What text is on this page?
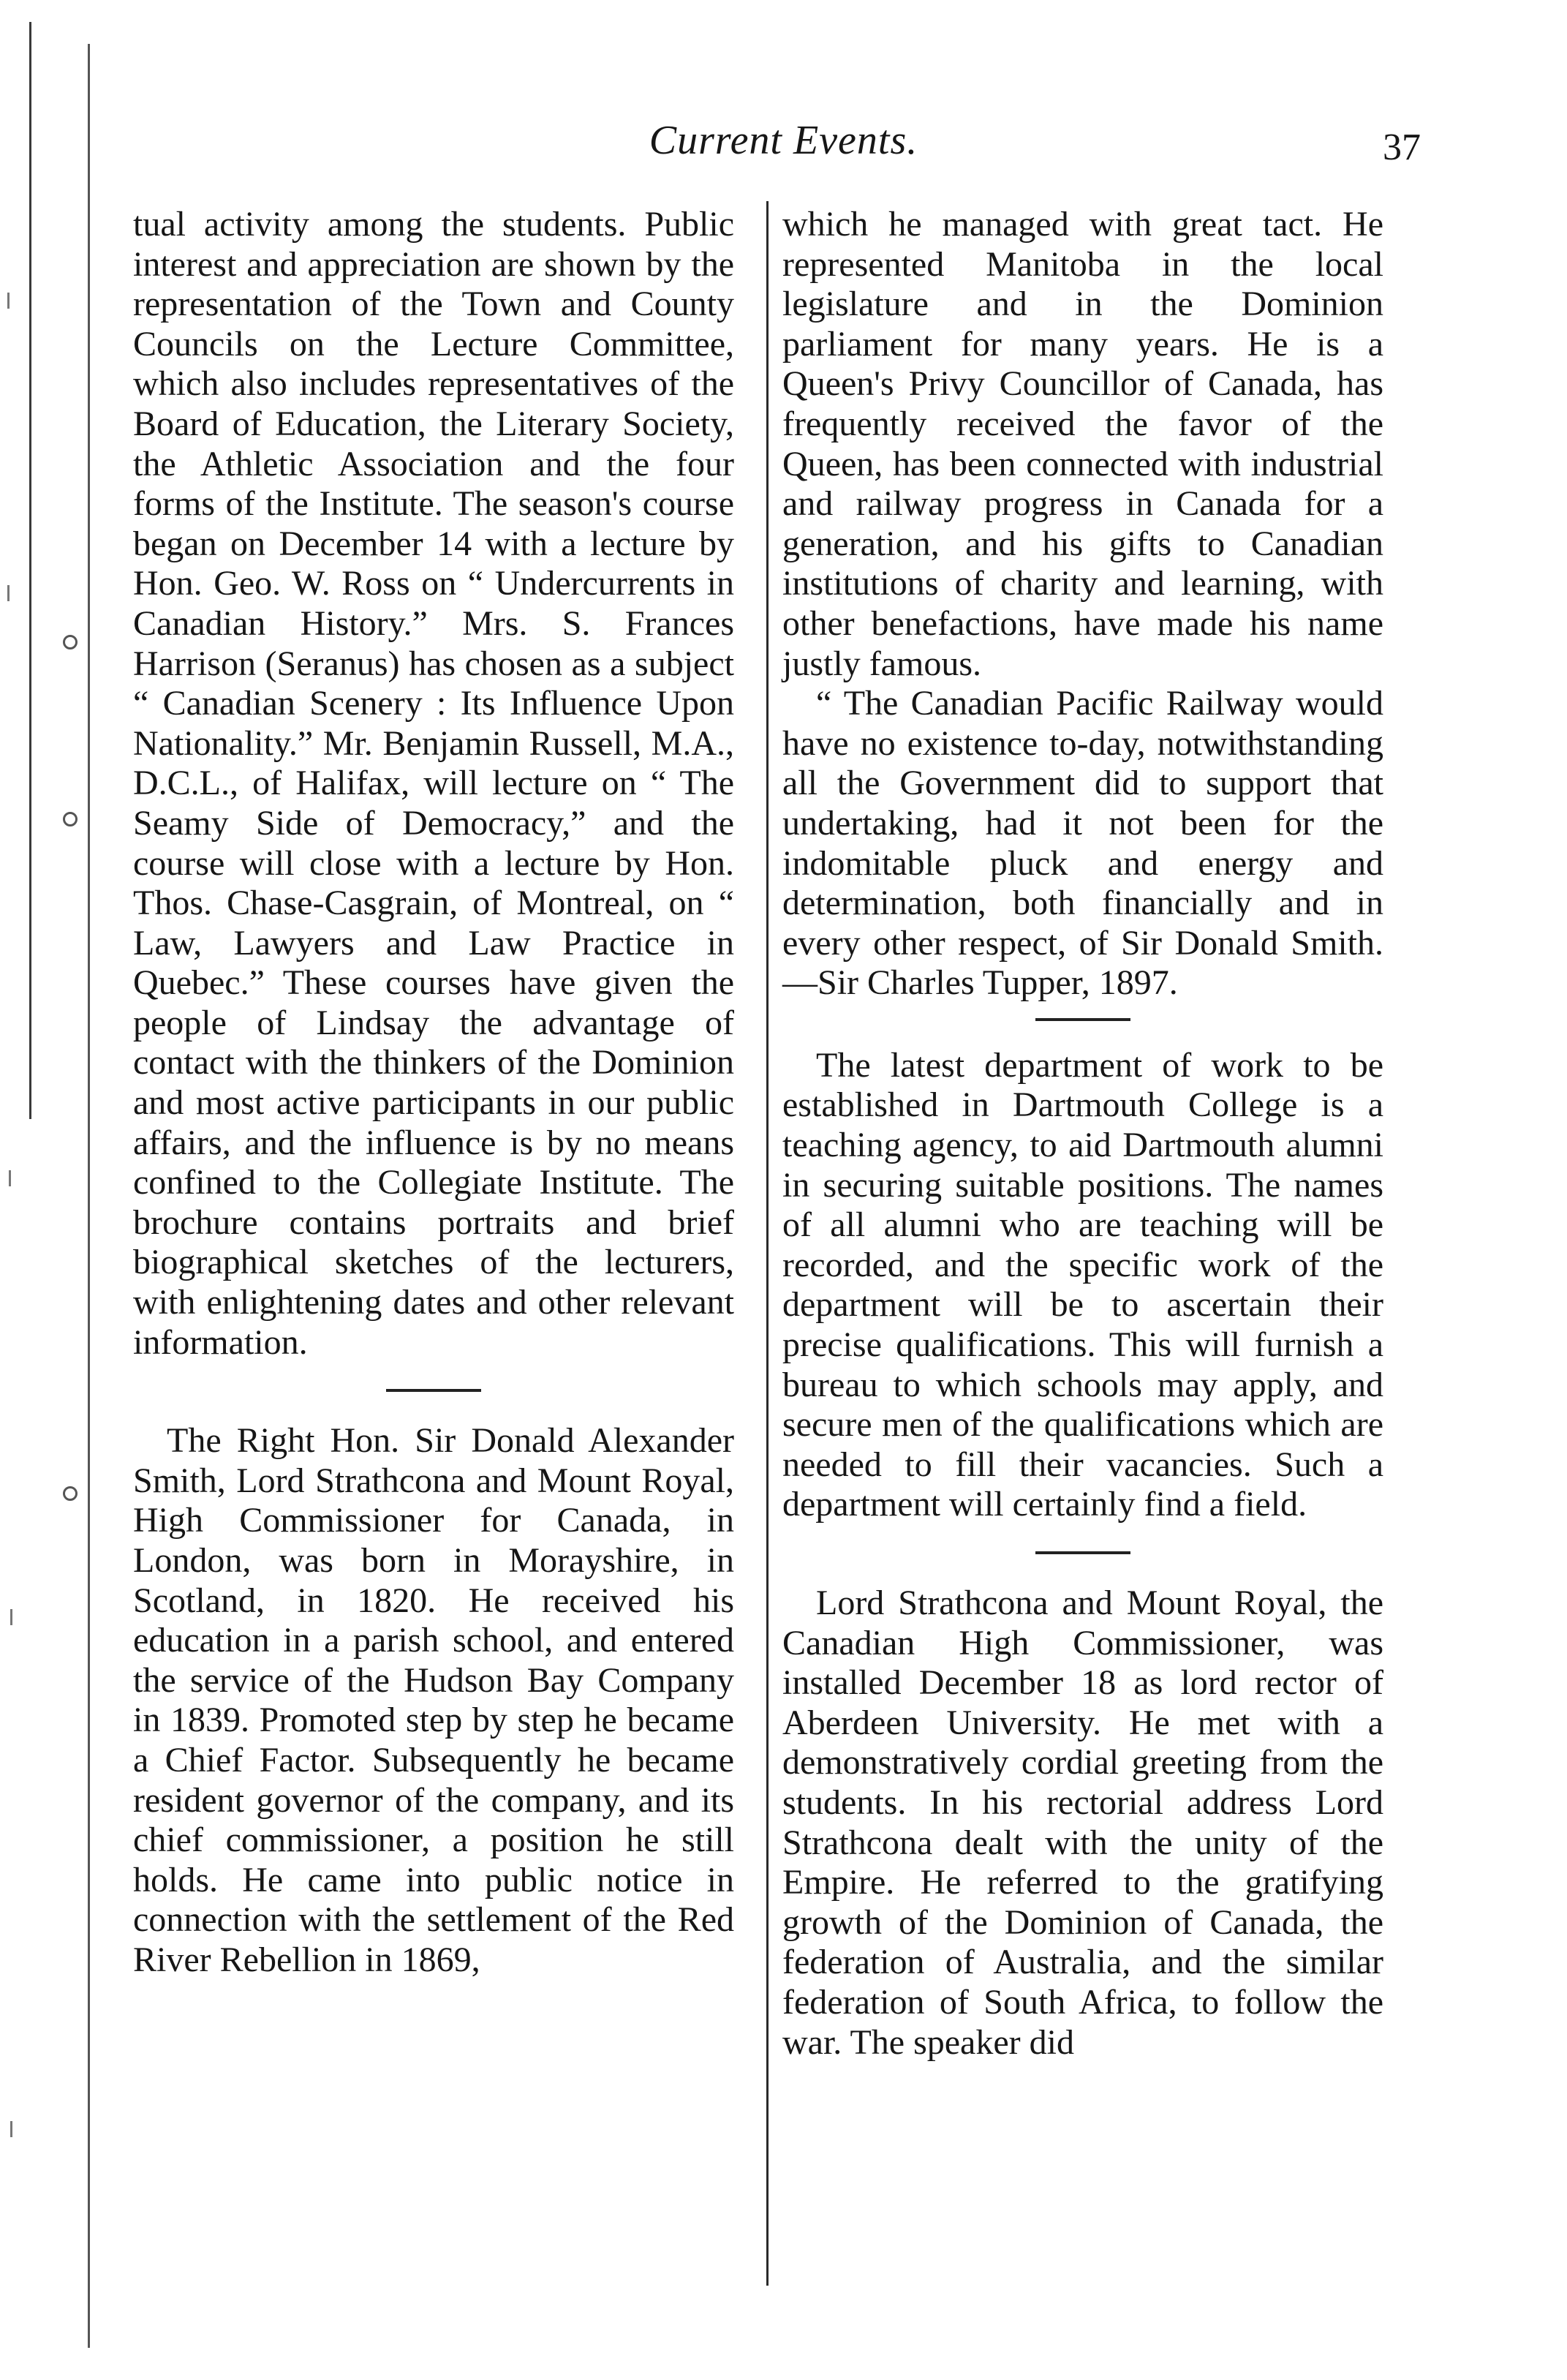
Current Events.	37

tual activity among the students. Public interest and appreciation are shown by the representation of the Town and County Councils on the Lecture Committee, which also includes representatives of the Board of Education, the Literary Society, the Athletic Association and the four forms of the Institute. The season's course began on December 14 with a lecture by Hon. Geo. W. Ross on “ Undercurrents in Canadian History.” Mrs. S. Frances Harrison (Seranus) has chosen as a subject “ Canadian Scenery : Its Influence Upon Nationality.” Mr. Benjamin Russell, M.A., D.C.L., of Halifax, will lecture on “ The Seamy Side of Democracy,” and the course will close with a lecture by Hon. Thos. Chase-Casgrain, of Montreal, on “ Law, Lawyers and Law Practice in Quebec.” These courses have given the people of Lindsay the advantage of contact with the thinkers of the Dominion and most active participants in our public affairs, and the influence is by no means confined to the Collegiate Institute. The brochure contains portraits and brief biographical sketches of the lecturers, with enlightening dates and other relevant information.

The Right Hon. Sir Donald Alexander Smith, Lord Strathcona and Mount Royal, High Commissioner for Canada, in London, was born in Morayshire, in Scotland, in 1820. He received his education in a parish school, and entered the service of the Hudson Bay Company in 1839. Promoted step by step he became a Chief Factor. Subsequently he became resident governor of the company, and its chief commissioner, a position he still holds. He came into public notice in connection with the settlement of the Red River Rebellion in 1869,

which he managed with great tact. He represented Manitoba in the local legislature and in the Dominion parliament for many years. He is a Queen's Privy Councillor of Canada, has frequently received the favor of the Queen, has been connected with industrial and railway progress in Canada for a generation, and his gifts to Canadian institutions of charity and learning, with other benefactions, have made his name justly famous.

“ The Canadian Pacific Railway would have no existence to-day, notwithstanding all the Government did to support that undertaking, had it not been for the indomitable pluck and energy and determination, both financially and in every other respect, of Sir Donald Smith.—Sir Charles Tupper, 1897.

The latest department of work to be established in Dartmouth College is a teaching agency, to aid Dartmouth alumni in securing suitable positions. The names of all alumni who are teaching will be recorded, and the specific work of the department will be to ascertain their precise qualifications. This will furnish a bureau to which schools may apply, and secure men of the qualifications which are needed to fill their vacancies. Such a department will certainly find a field.

Lord Strathcona and Mount Royal, the Canadian High Commissioner, was installed December 18 as lord rector of Aberdeen University. He met with a demonstratively cordial greeting from the students. In his rectorial address Lord Strathcona dealt with the unity of the Empire. He referred to the gratifying growth of the Dominion of Canada, the federation of Australia, and the similar federation of South Africa, to follow the war. The speaker did
